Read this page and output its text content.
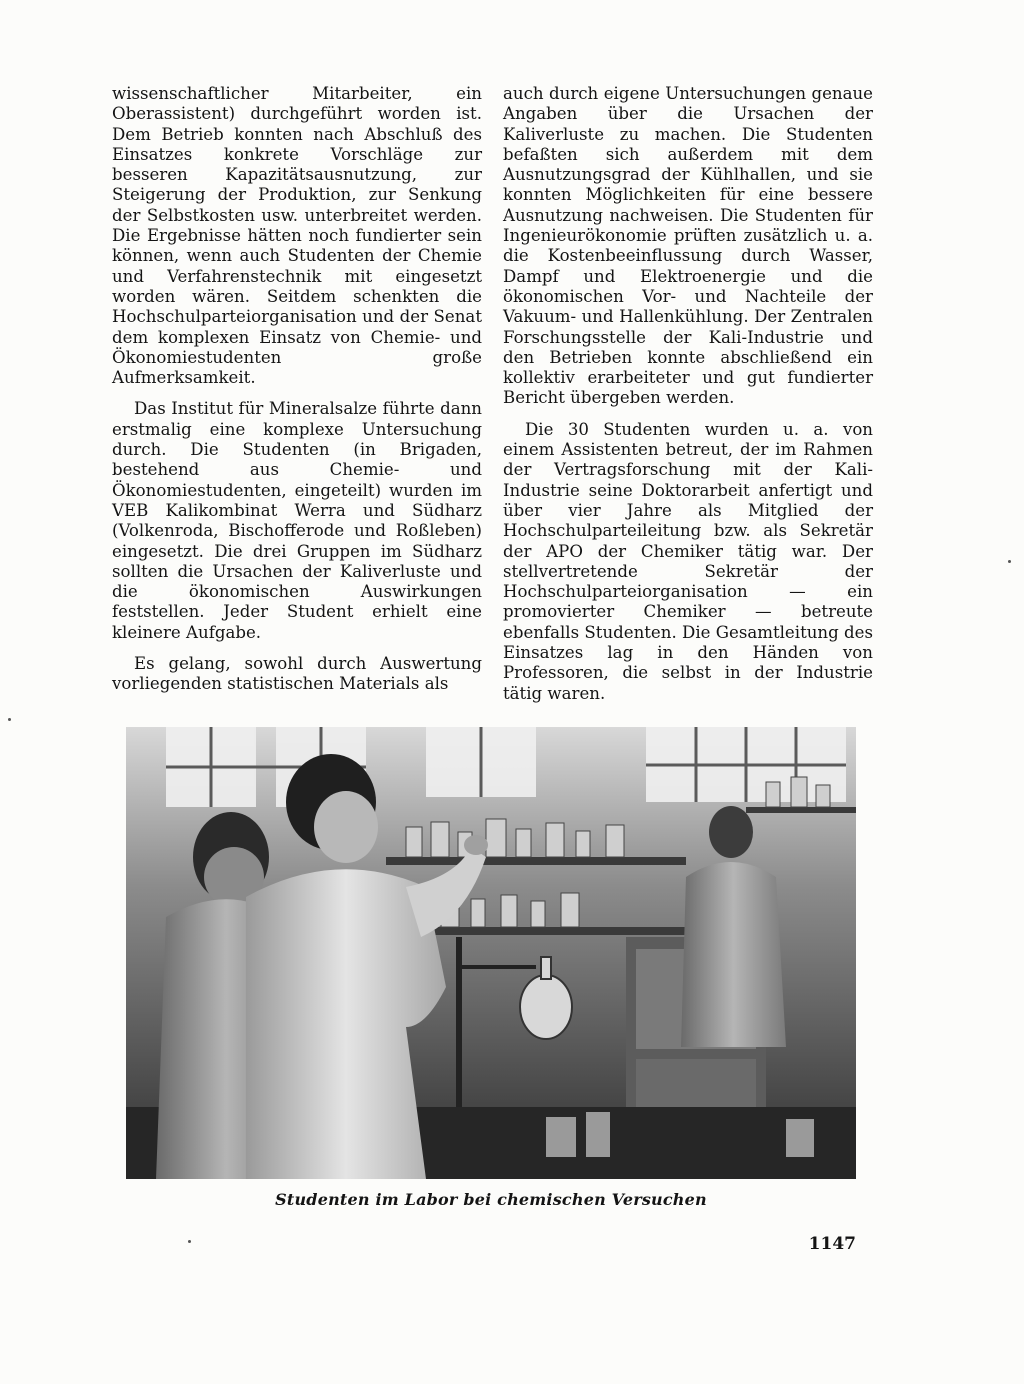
wissenschaftlicher Mitarbeiter, ein Oberassistent) durchgeführt worden ist. Dem Betrieb konnten nach Abschluß des Einsatzes konkrete Vorschläge zur besseren Kapazitätsausnutzung, zur Steigerung der Produktion, zur Senkung der Selbstkosten usw. unterbreitet werden. Die Ergebnisse hätten noch fundierter sein können, wenn auch Studenten der Chemie und Verfahrenstechnik mit eingesetzt worden wären. Seitdem schenkten die Hochschulparteiorganisation und der Senat dem komplexen Einsatz von Chemie- und Ökonomiestudenten große Aufmerksamkeit.

Das Institut für Mineralsalze führte dann erstmalig eine komplexe Untersuchung durch. Die Studenten (in Brigaden, bestehend aus Chemie- und Ökonomiestudenten, eingeteilt) wurden im VEB Kalikombinat Werra und Südharz (Volkenroda, Bischofferode und Roßleben) eingesetzt. Die drei Gruppen im Südharz sollten die Ursachen der Kaliverluste und die ökonomischen Auswirkungen feststellen. Jeder Student erhielt eine kleinere Aufgabe.

Es gelang, sowohl durch Auswertung vorliegenden statistischen Materials als

auch durch eigene Untersuchungen genaue Angaben über die Ursachen der Kaliverluste zu machen. Die Studenten befaßten sich außerdem mit dem Ausnutzungsgrad der Kühlhallen, und sie konnten Möglichkeiten für eine bessere Ausnutzung nachweisen. Die Studenten für Ingenieurökonomie prüften zusätzlich u. a. die Kostenbeeinflussung durch Wasser, Dampf und Elektroenergie und die ökonomischen Vor- und Nachteile der Vakuum- und Hallenkühlung. Der Zentralen Forschungsstelle der Kali-Industrie und den Betrieben konnte abschließend ein kollektiv erarbeiteter und gut fundierter Bericht übergeben werden.

Die 30 Studenten wurden u. a. von einem Assistenten betreut, der im Rahmen der Vertragsforschung mit der Kali-Industrie seine Doktorarbeit anfertigt und über vier Jahre als Mitglied der Hochschulparteileitung bzw. als Sekretär der APO der Chemiker tätig war. Der stellvertretende Sekretär der Hochschulparteiorganisation — ein promovierter Chemiker — betreute ebenfalls Studenten. Die Gesamtleitung des Einsatzes lag in den Händen von Professoren, die selbst in der Industrie tätig waren.

Studenten im Labor bei chemischen Versuchen
1147
